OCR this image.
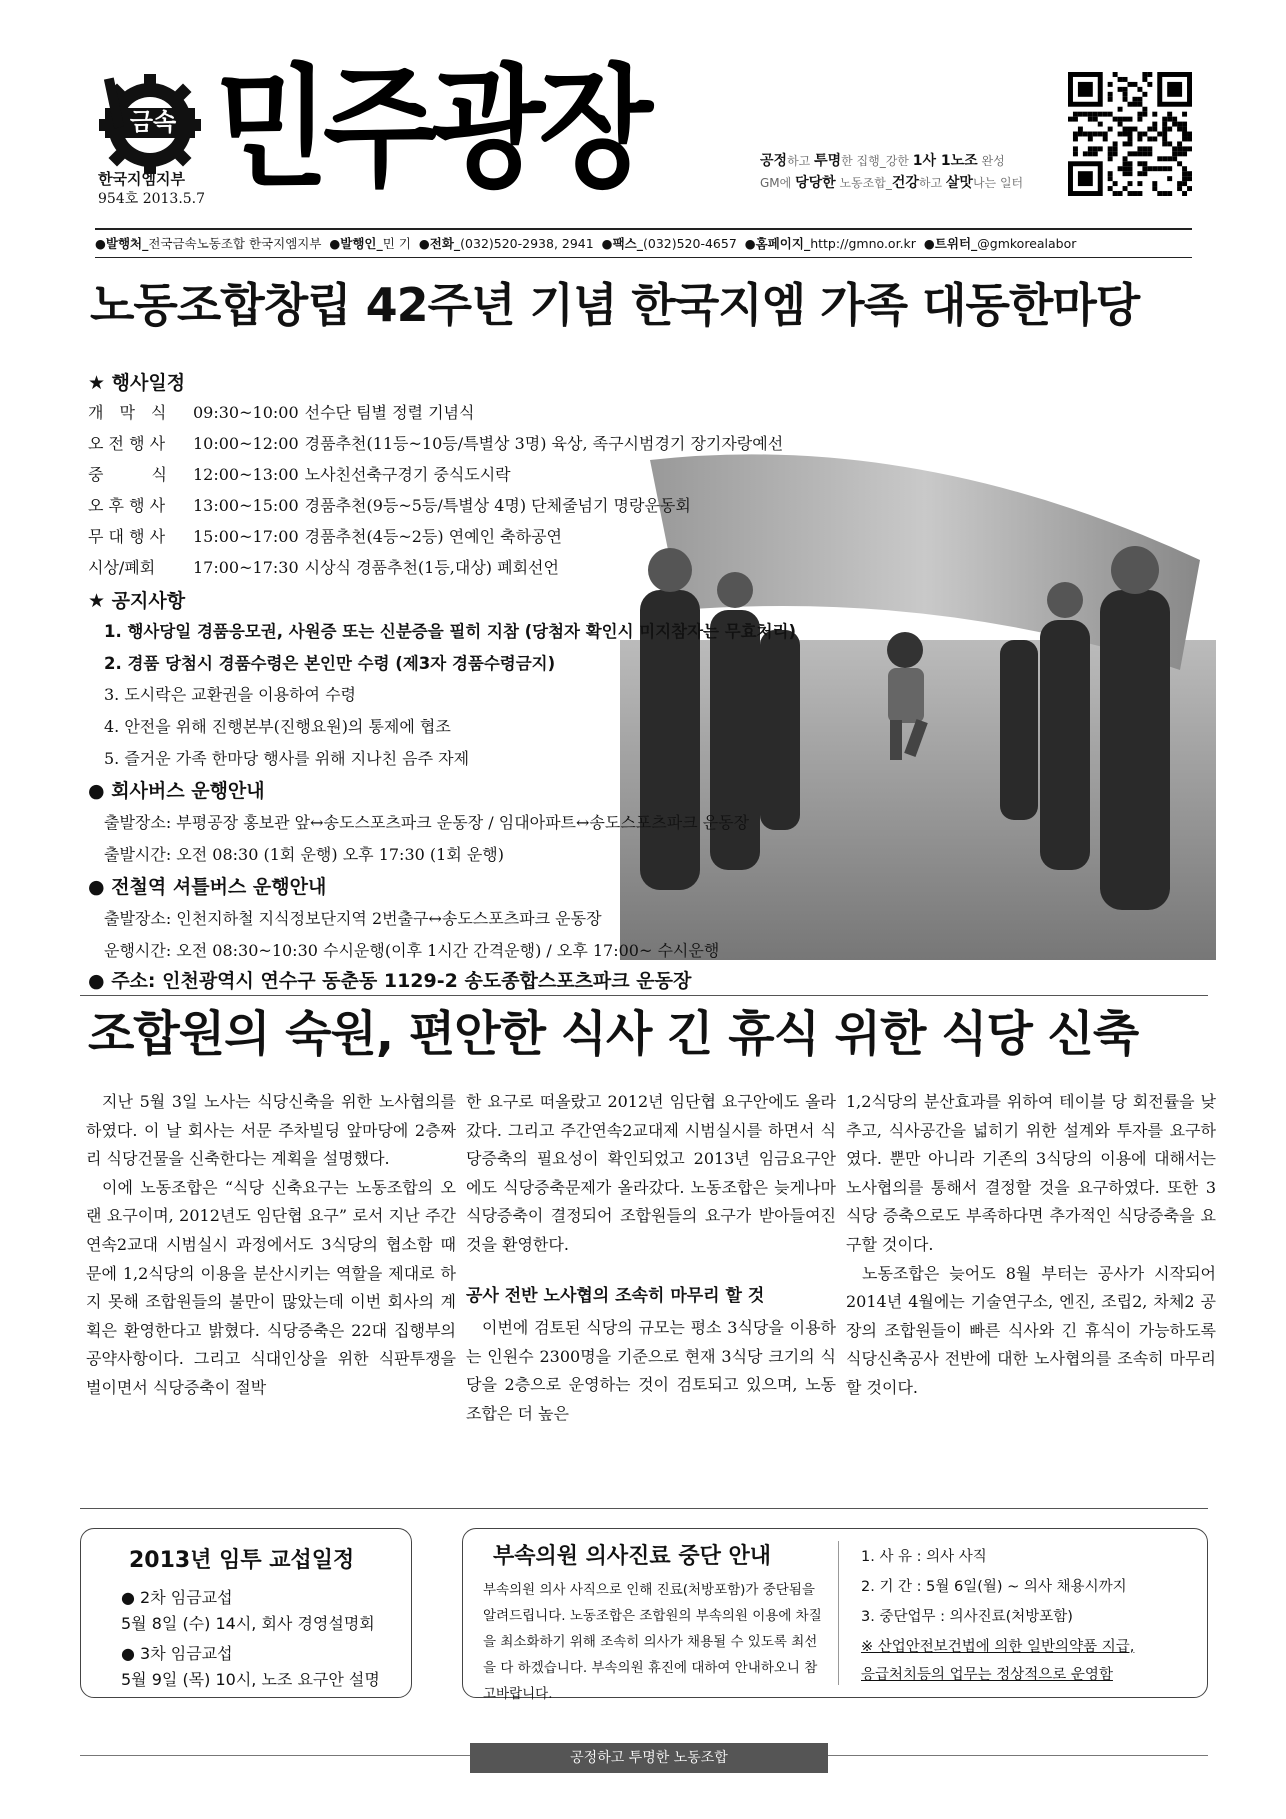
금속 민주광장
한국지엠지부
954호 2013.5.7
공정하고 투명한 집행_강한 1사 1노조 완성
GM에 당당한 노동조합_건강하고 살맛나는 일터
●발행처_전국금속노동조합 한국지엠지부 ●발행인_민 기 ●전화_(032)520-2938, 2941 ●팩스_(032)520-4657 ●홈페이지_http://gmno.or.kr ●트위터_@gmkorealabor
노동조합창립 42주년 기념 한국지엠 가족 대동한마당
★ 행사일정
개　막　식 09:30~10:00 선수단 팀별 정렬 기념식
오 전 행 사 10:00~12:00 경품추천(11등~10등/특별상 3명) 육상, 족구시범경기 장기자랑예선
중　　　식 12:00~13:00 노사친선축구경기 중식도시락
오 후 행 사 13:00~15:00 경품추천(9등~5등/특별상 4명) 단체줄넘기 명랑운동회
무 대 행 사 15:00~17:00 경품추천(4등~2등) 연예인 축하공연
시상/폐회 17:00~17:30 시상식 경품추천(1등,대상) 폐회선언
★ 공지사항
1. 행사당일 경품응모권, 사원증 또는 신분증을 필히 지참 (당첨자 확인시 미지참자는 무효처리)
2. 경품 당첨시 경품수령은 본인만 수령 (제3자 경품수령금지)
3. 도시락은 교환권을 이용하여 수령
4. 안전을 위해 진행본부(진행요원)의 통제에 협조
5. 즐거운 가족 한마당 행사를 위해 지나친 음주 자제
● 회사버스 운행안내
출발장소: 부평공장 홍보관 앞↔송도스포츠파크 운동장 / 임대아파트↔송도스포츠파크 운동장
출발시간: 오전 08:30 (1회 운행) 오후 17:30 (1회 운행)
● 전철역 셔틀버스 운행안내
출발장소: 인천지하철 지식정보단지역 2번출구↔송도스포츠파크 운동장
운행시간: 오전 08:30~10:30 수시운행(이후 1시간 간격운행) / 오후 17:00~ 수시운행
● 주소: 인천광역시 연수구 동춘동 1129-2 송도종합스포츠파크 운동장
조합원의 숙원, 편안한 식사 긴 휴식 위한 식당 신축

지난 5월 3일 노사는 식당신축을 위한 노사협의를 하였다. 이 날 회사는 서문 주차빌딩 앞마당에 2층짜리 식당건물을 신축한다는 계획을 설명했다.

이에 노동조합은 “식당 신축요구는 노동조합의 오랜 요구이며, 2012년도 임단협 요구” 로서 지난 주간연속2교대 시범실시 과정에서도 3식당의 협소함 때문에 1,2식당의 이용을 분산시키는 역할을 제대로 하지 못해 조합원들의 불만이 많았는데 이번 회사의 계획은 환영한다고 밝혔다. 식당증축은 22대 집행부의 공약사항이다. 그리고 식대인상을 위한 식판투쟁을 벌이면서 식당증축이 절박

한 요구로 떠올랐고 2012년 임단협 요구안에도 올라갔다. 그리고 주간연속2교대제 시범실시를 하면서 식당증축의 필요성이 확인되었고 2013년 임금요구안에도 식당증축문제가 올라갔다. 노동조합은 늦게나마 식당증축이 결정되어 조합원들의 요구가 받아들여진 것을 환영한다.

공사 전반 노사협의 조속히 마무리 할 것

이번에 검토된 식당의 규모는 평소 3식당을 이용하는 인원수 2300명을 기준으로 현재 3식당 크기의 식당을 2층으로 운영하는 것이 검토되고 있으며, 노동조합은 더 높은

1,2식당의 분산효과를 위하여 테이블 당 회전률을 낮추고, 식사공간을 넓히기 위한 설계와 투자를 요구하였다. 뿐만 아니라 기존의 3식당의 이용에 대해서는 노사협의를 통해서 결정할 것을 요구하였다. 또한 3식당 증축으로도 부족하다면 추가적인 식당증축을 요구할 것이다.

노동조합은 늦어도 8월 부터는 공사가 시작되어 2014년 4월에는 기술연구소, 엔진, 조립2, 차체2 공장의 조합원들이 빠른 식사와 긴 휴식이 가능하도록 식당신축공사 전반에 대한 노사협의를 조속히 마무리할 것이다.

2013년 임투 교섭일정
● 2차 임금교섭
5월 8일 (수) 14시, 회사 경영설명회
● 3차 임금교섭
5월 9일 (목) 10시, 노조 요구안 설명
부속의원 의사진료 중단 안내
부속의원 의사 사직으로 인해 진료(처방포함)가 중단됨을 알려드립니다. 노동조합은 조합원의 부속의원 이용에 차질을 최소화하기 위해 조속히 의사가 채용될 수 있도록 최선을 다 하겠습니다. 부속의원 휴진에 대하여 안내하오니 참고바랍니다.
1. 사 유 : 의사 사직
2. 기 간 : 5월 6일(월) ~ 의사 채용시까지
3. 중단업무 : 의사진료(처방포함)
※ 산업안전보건법에 의한 일반의약품 지급,
응급처치등의 업무는 정상적으로 운영함
공정하고 투명한 노동조합
